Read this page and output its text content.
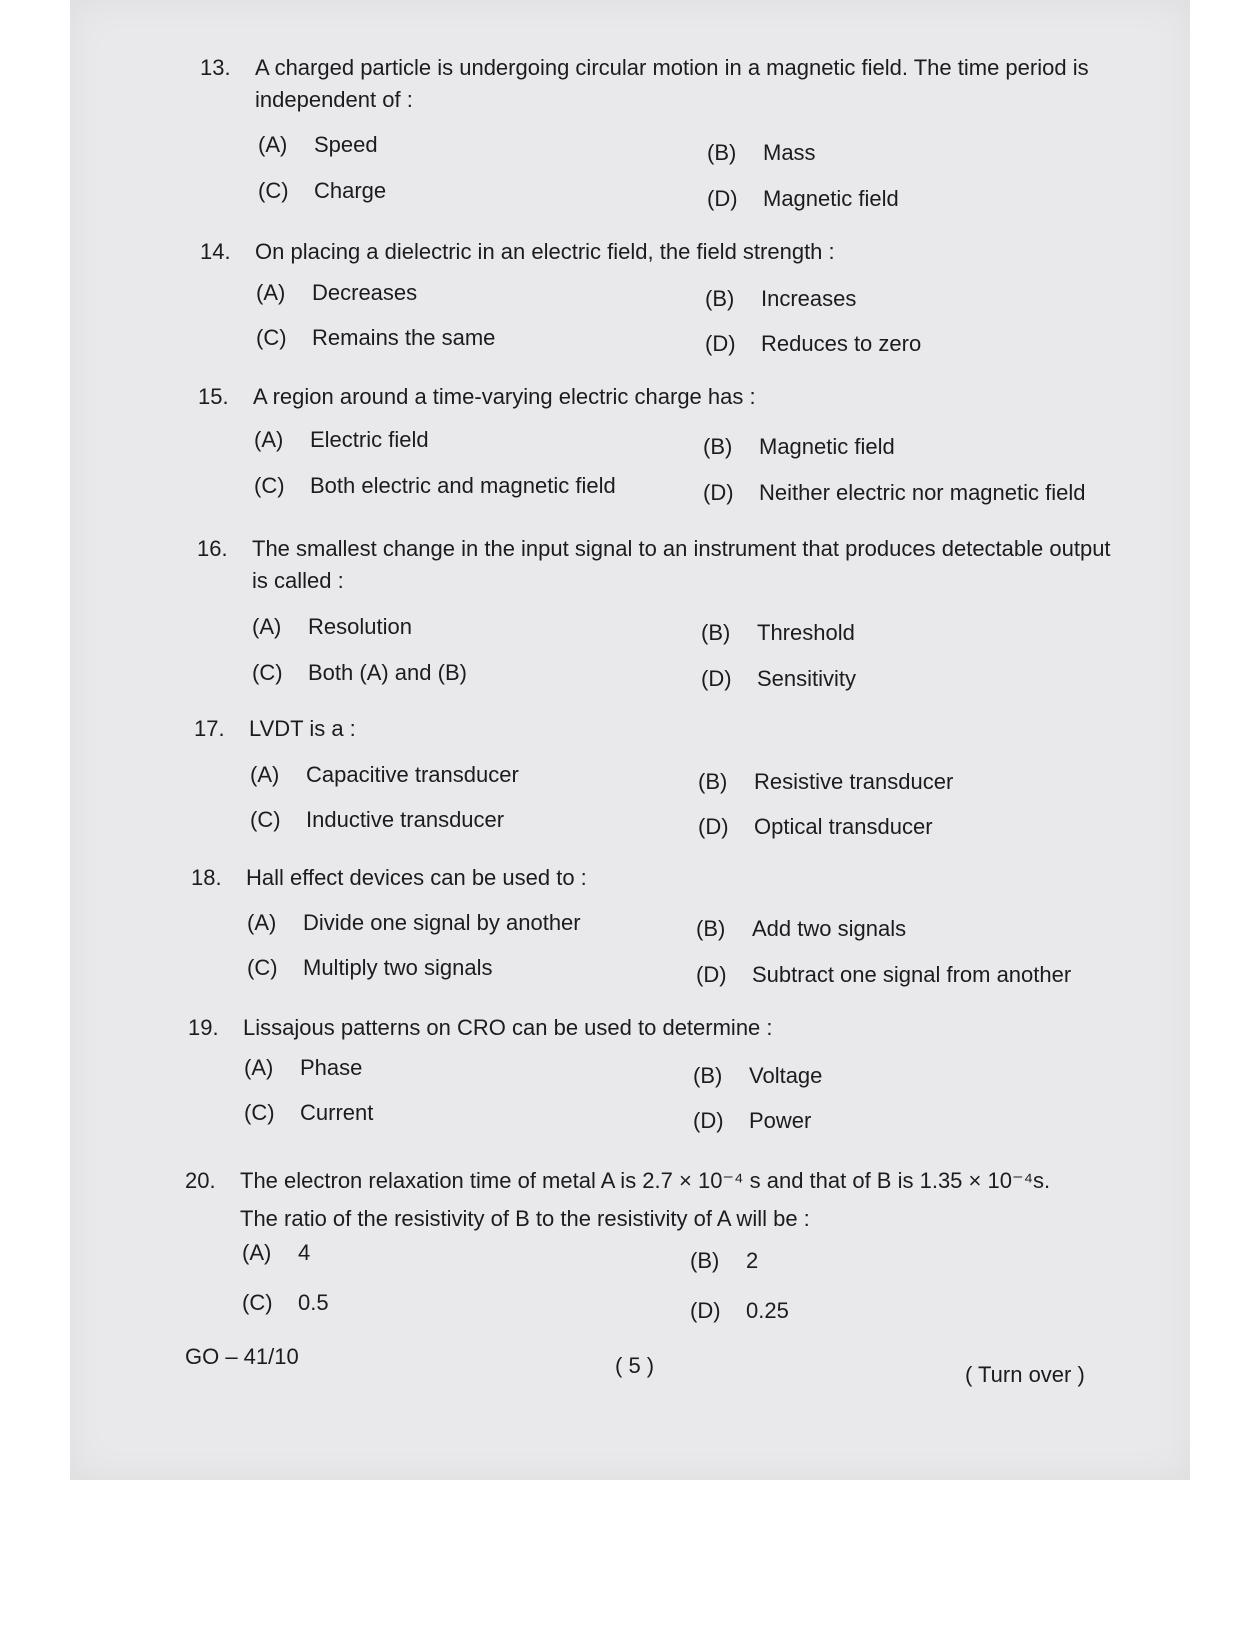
13.	A charged particle is undergoing circular motion in a magnetic field. The time period is independent of :
(A) Speed	(B) Mass
(C) Charge	(D) Magnetic field
14.	On placing a dielectric in an electric field, the field strength :
(A) Decreases	(B) Increases
(C) Remains the same	(D) Reduces to zero
15.	A region around a time-varying electric charge has :
(A) Electric field	(B) Magnetic field
(C) Both electric and magnetic field	(D) Neither electric nor magnetic field
16.	The smallest change in the input signal to an instrument that produces detectable output is called :
(A) Resolution	(B) Threshold
(C) Both (A) and (B)	(D) Sensitivity
17.	LVDT is a :
(A) Capacitive transducer	(B) Resistive transducer
(C) Inductive transducer	(D) Optical transducer
18.	Hall effect devices can be used to :
(A) Divide one signal by another	(B) Add two signals
(C) Multiply two signals	(D) Subtract one signal from another
19.	Lissajous patterns on CRO can be used to determine :
(A) Phase	(B) Voltage
(C) Current	(D) Power
20.	The electron relaxation time of metal A is 2.7 × 10⁻⁴ s and that of B is 1.35 × 10⁻⁴s.
The ratio of the resistivity of B to the resistivity of A will be :
(A) 4	(B) 2
(C) 0.5	(D) 0.25
GO – 41/10	( 5 )	( Turn over )
